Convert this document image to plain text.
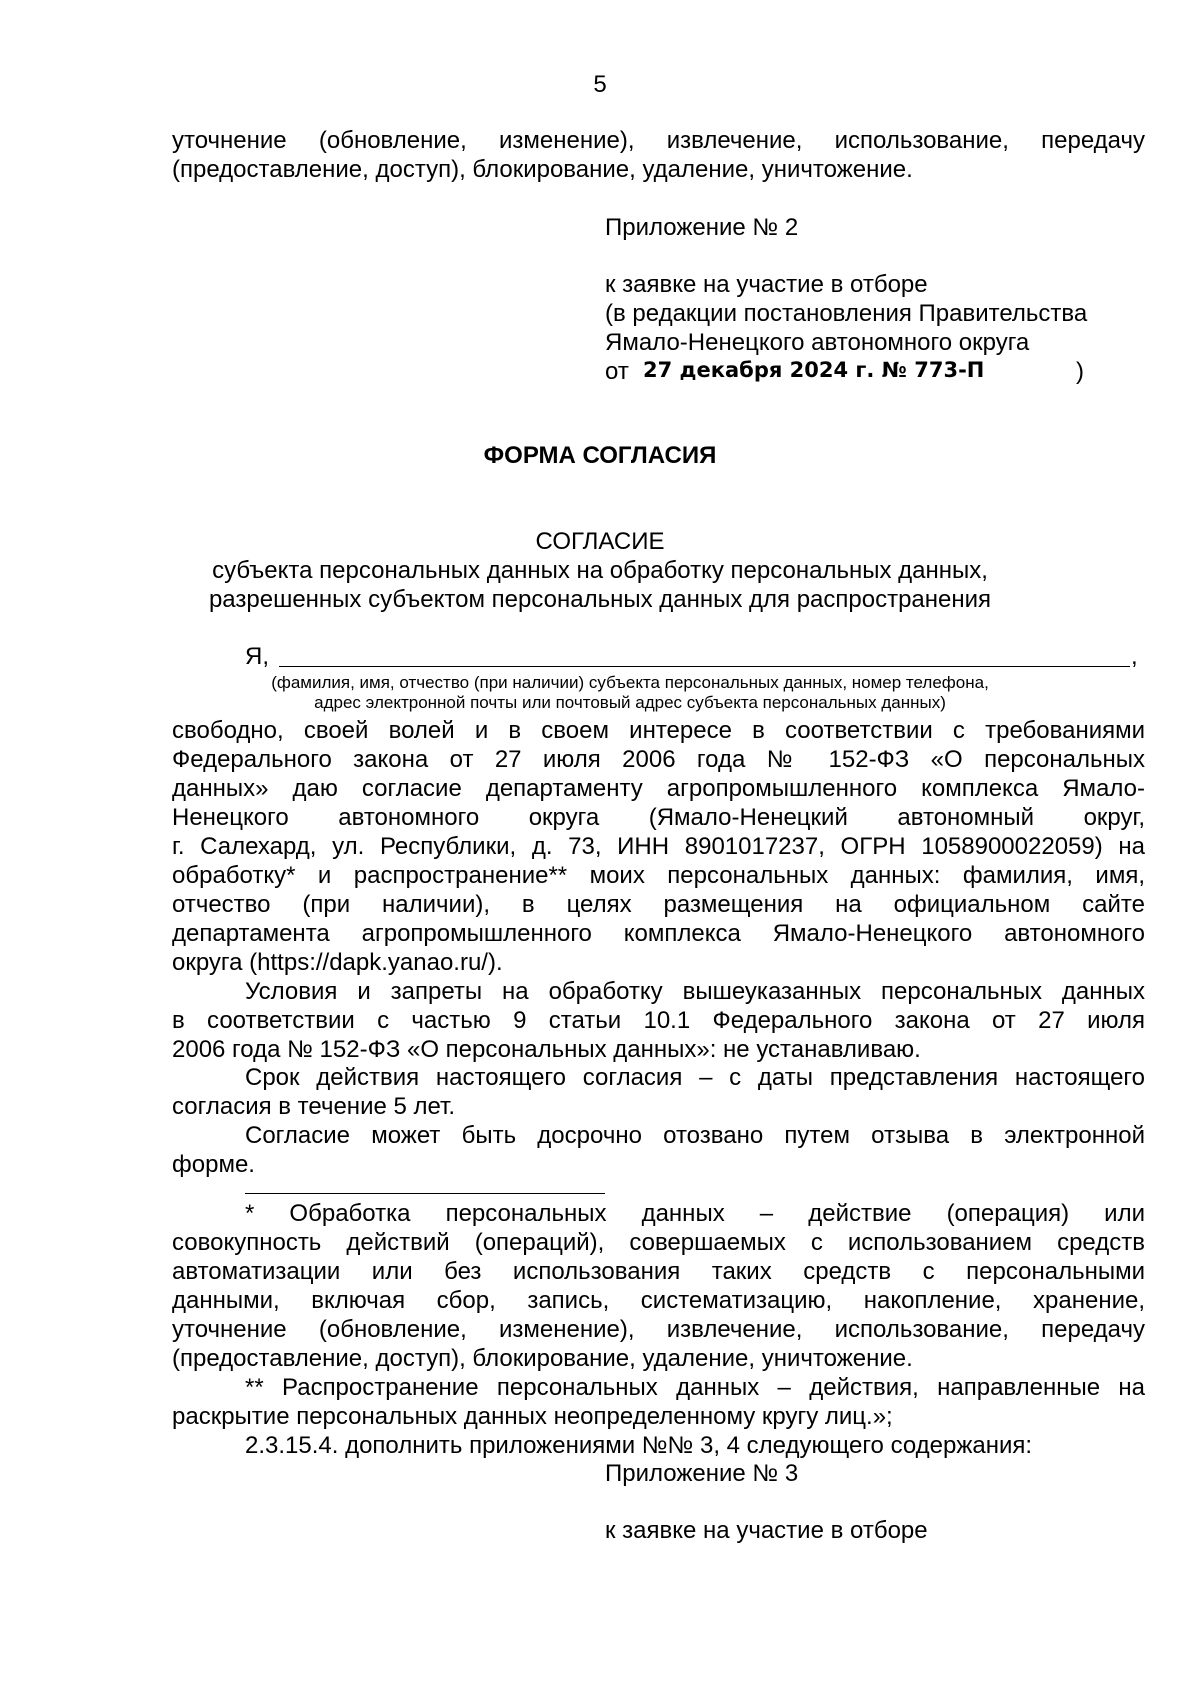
5
уточнение (обновление, изменение), извлечение, использование, передачу
(предоставление, доступ), блокирование, удаление, уничтожение.
Приложение № 2
к заявке на участие в отборе
(в редакции постановления Правительства
Ямало-Ненецкого автономного округа
от 27 декабря 2024 г. № 773-П	)
ФОРМА СОГЛАСИЯ
СОГЛАСИЕ
субъекта персональных данных на обработку персональных данных,
разрешенных субъектом персональных данных для распространения
Я,	,
(фамилия, имя, отчество (при наличии) субъекта персональных данных, номер телефона,
адрес электронной почты или почтовый адрес субъекта персональных данных)
свободно, своей волей и в своем интересе в соответствии с требованиями
Федерального закона от 27 июля 2006 года № 152-ФЗ «О персональных
данных» даю согласие департаменту агропромышленного комплекса Ямало-
Ненецкого автономного округа (Ямало-Ненецкий автономный округ,
г. Салехард, ул. Республики, д. 73, ИНН 8901017237, ОГРН 1058900022059) на
обработку* и распространение** моих персональных данных: фамилия, имя,
отчество (при наличии), в целях размещения на официальном сайте
департамента агропромышленного комплекса Ямало-Ненецкого автономного
округа (https://dapk.yanao.ru/).
Условия и запреты на обработку вышеуказанных персональных данных
в соответствии с частью 9 статьи 10.1 Федерального закона от 27 июля
2006 года № 152-ФЗ «О персональных данных»: не устанавливаю.
Срок действия настоящего согласия – с даты представления настоящего
согласия в течение 5 лет.
Согласие может быть досрочно отозвано путем отзыва в электронной
форме.
* Обработка персональных данных – действие (операция) или
совокупность действий (операций), совершаемых с использованием средств
автоматизации или без использования таких средств с персональными
данными, включая сбор, запись, систематизацию, накопление, хранение,
уточнение (обновление, изменение), извлечение, использование, передачу
(предоставление, доступ), блокирование, удаление, уничтожение.
** Распространение персональных данных – действия, направленные на
раскрытие персональных данных неопределенному кругу лиц.»;
2.3.15.4. дополнить приложениями №№ 3, 4 следующего содержания:
Приложение № 3
к заявке на участие в отборе
